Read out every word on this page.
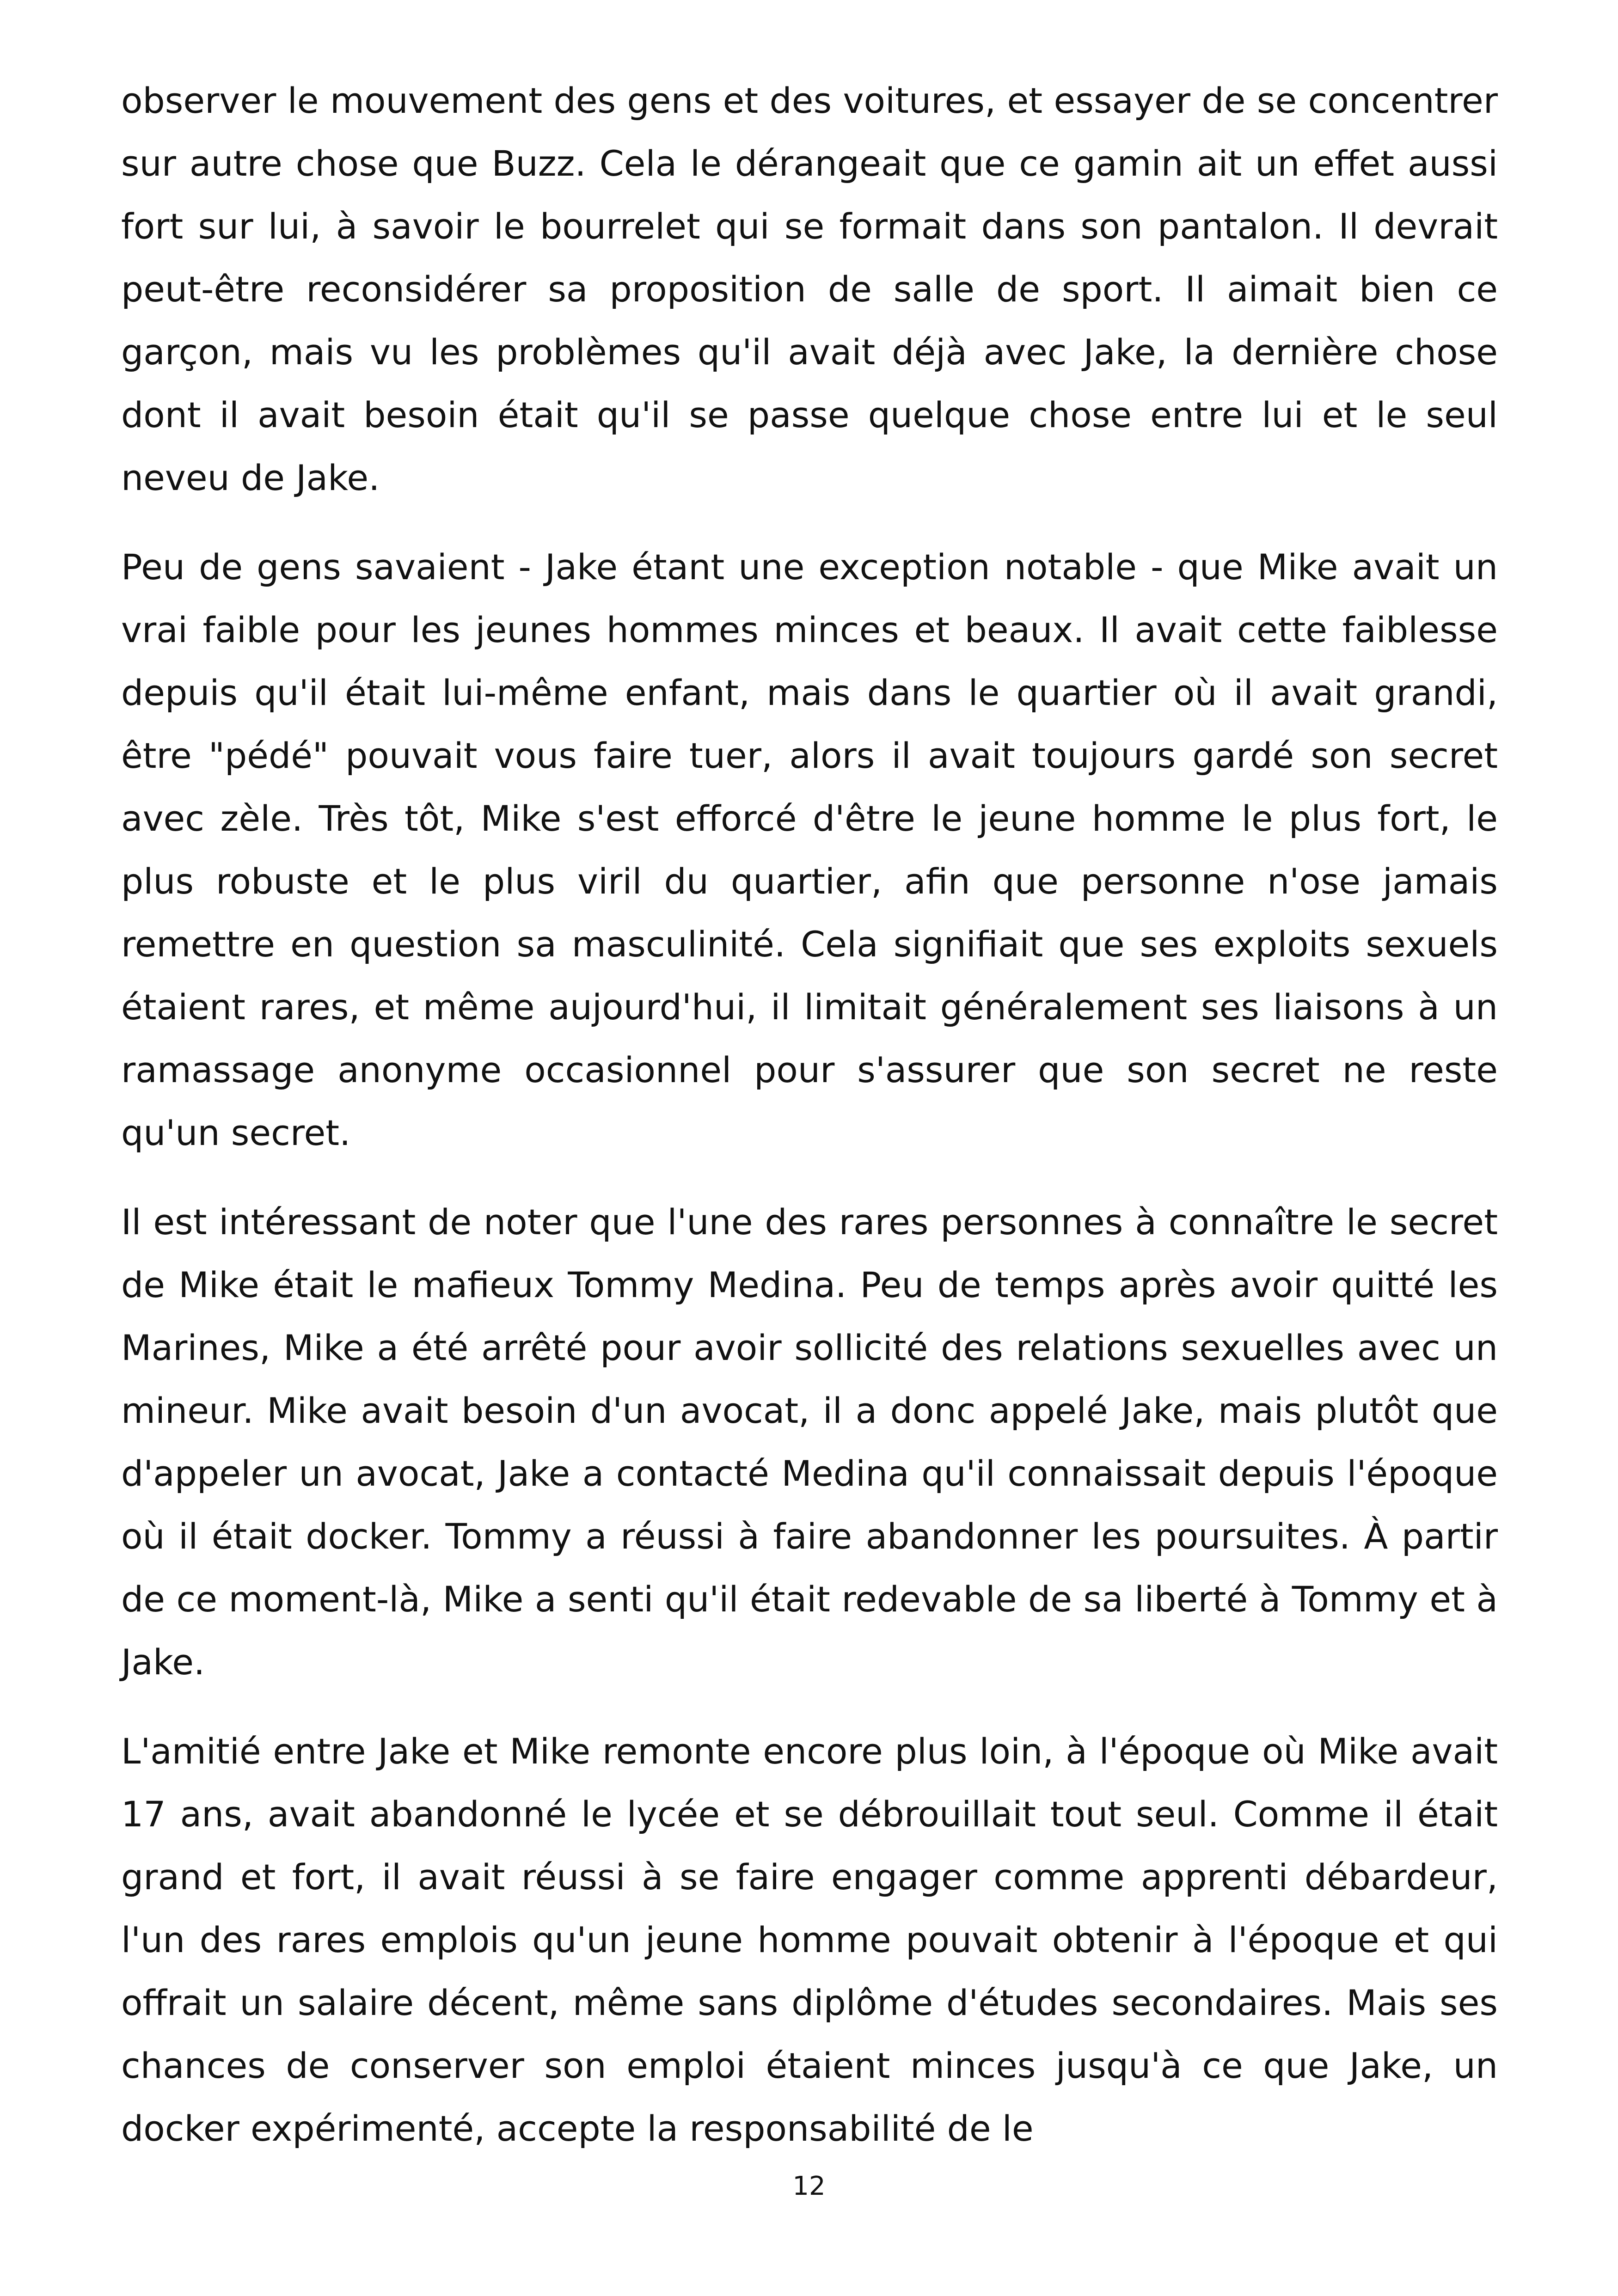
observer le mouvement des gens et des voitures, et essayer de se concentrer sur autre chose que Buzz. Cela le dérangeait que ce gamin ait un effet aussi fort sur lui, à savoir le bourrelet qui se formait dans son pantalon. Il devrait peut-être reconsidérer sa proposition de salle de sport. Il aimait bien ce garçon, mais vu les problèmes qu'il avait déjà avec Jake, la dernière chose dont il avait besoin était qu'il se passe quelque chose entre lui et le seul neveu de Jake.

Peu de gens savaient - Jake étant une exception notable - que Mike avait un vrai faible pour les jeunes hommes minces et beaux. Il avait cette faiblesse depuis qu'il était lui-même enfant, mais dans le quartier où il avait grandi, être "pédé" pouvait vous faire tuer, alors il avait toujours gardé son secret avec zèle. Très tôt, Mike s'est efforcé d'être le jeune homme le plus fort, le plus robuste et le plus viril du quartier, afin que personne n'ose jamais remettre en question sa masculinité. Cela signifiait que ses exploits sexuels étaient rares, et même aujourd'hui, il limitait généralement ses liaisons à un ramassage anonyme occasionnel pour s'assurer que son secret ne reste qu'un secret.

Il est intéressant de noter que l'une des rares personnes à connaître le secret de Mike était le mafieux Tommy Medina. Peu de temps après avoir quitté les Marines, Mike a été arrêté pour avoir sollicité des relations sexuelles avec un mineur. Mike avait besoin d'un avocat, il a donc appelé Jake, mais plutôt que d'appeler un avocat, Jake a contacté Medina qu'il connaissait depuis l'époque où il était docker. Tommy a réussi à faire abandonner les poursuites. À partir de ce moment-là, Mike a senti qu'il était redevable de sa liberté à Tommy et à Jake.

L'amitié entre Jake et Mike remonte encore plus loin, à l'époque où Mike avait 17 ans, avait abandonné le lycée et se débrouillait tout seul. Comme il était grand et fort, il avait réussi à se faire engager comme apprenti débardeur, l'un des rares emplois qu'un jeune homme pouvait obtenir à l'époque et qui offrait un salaire décent, même sans diplôme d'études secondaires. Mais ses chances de conserver son emploi étaient minces jusqu'à ce que Jake, un docker expérimenté, accepte la responsabilité de le

12
